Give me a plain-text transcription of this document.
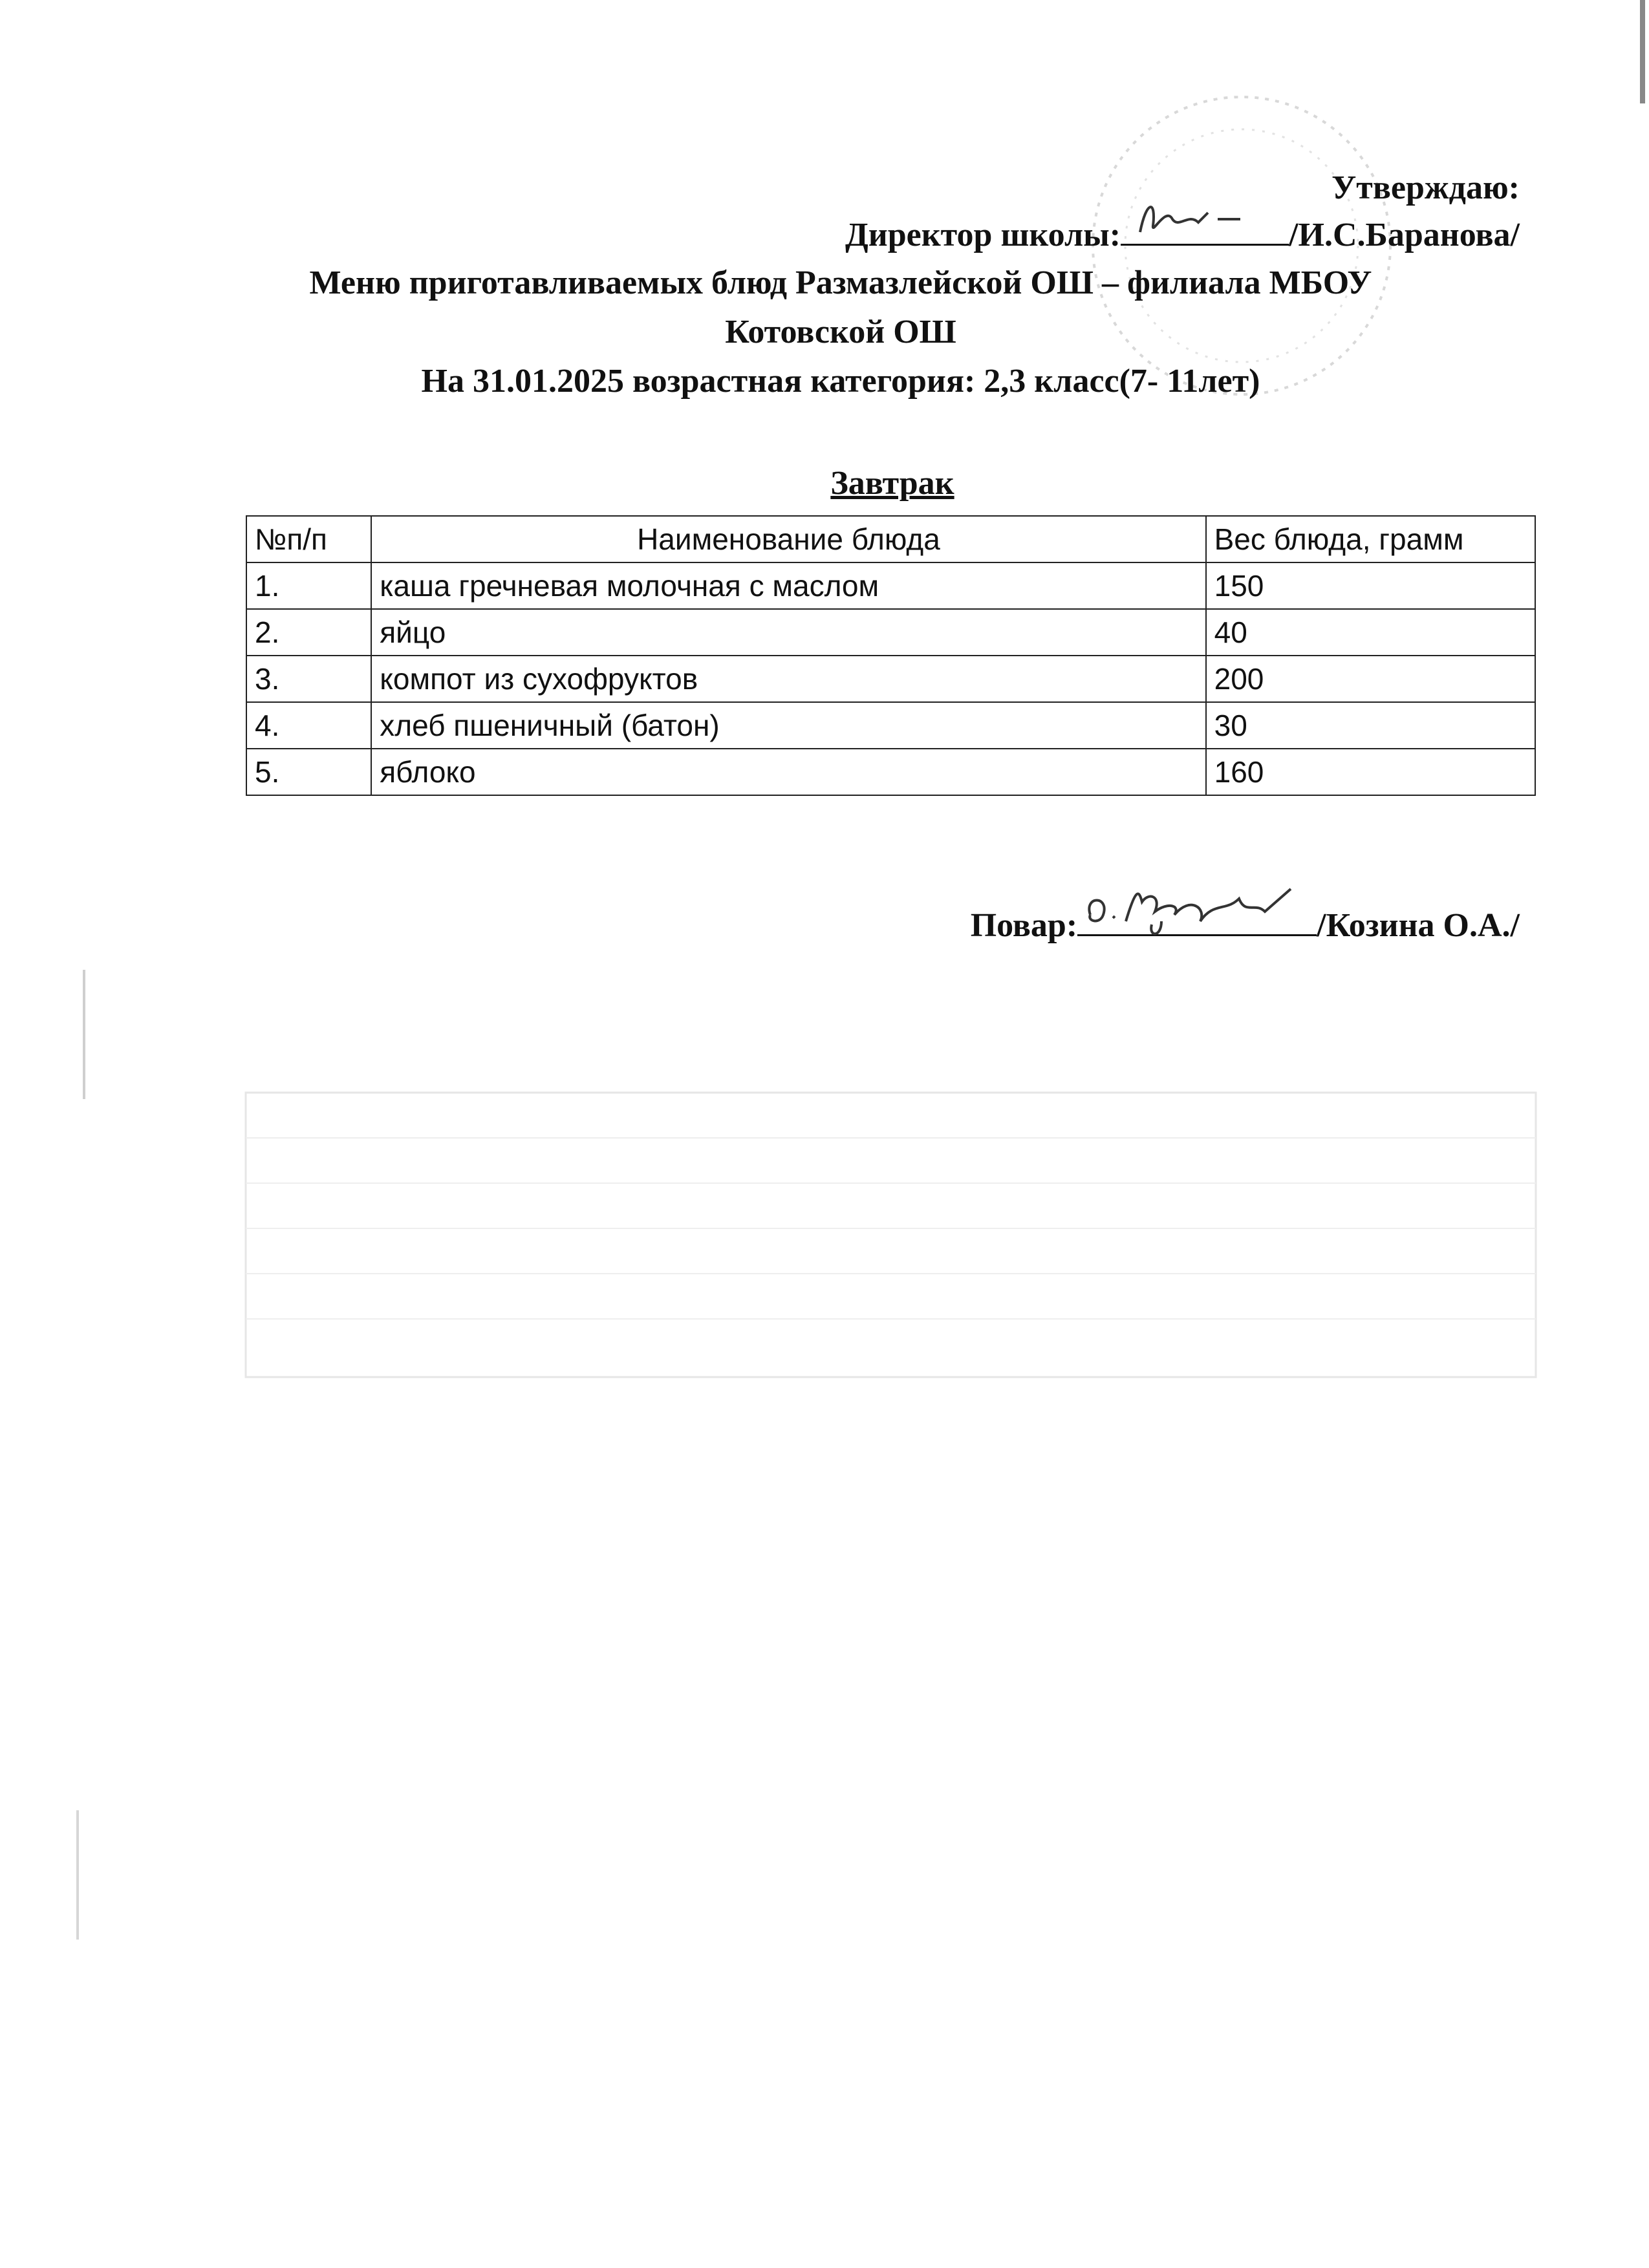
Утверждаю:
Директор школы:	/И.С.Баранова/
Меню приготавливаемых блюд Размазлейской ОШ – филиала МБОУ
Котовской ОШ
На 31.01.2025 возрастная категория: 2,3 класс(7- 11лет)
Завтрак
№п/п	Наименование блюда	Вес блюда, грамм
1.	каша гречневая молочная с маслом	150
2.	яйцо	40
3.	компот из сухофруктов	200
4.	хлеб пшеничный (батон)	30
5.	яблоко	160
Повар:	/Козина О.А./
